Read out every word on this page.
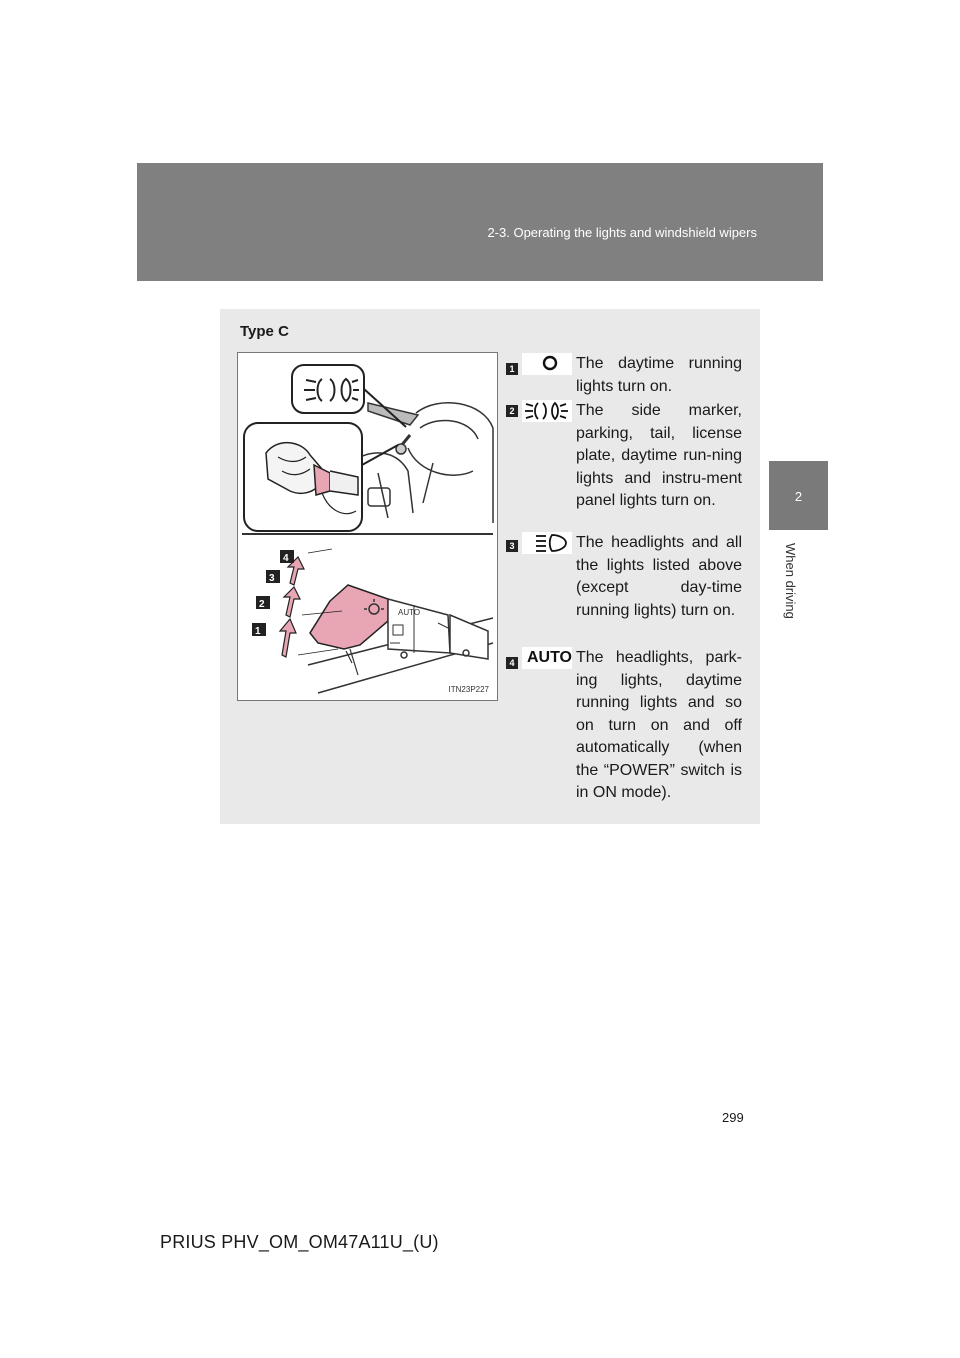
2-3. Operating the lights and windshield wipers
2
When driving
Type C
AUTO
1
2
3
4
ITN23P227
1	The daytime running lights turn on.
2	The side marker, parking, tail, license plate, daytime run-ning lights and instru-ment panel lights turn on.
3	The headlights and all the lights listed above (except day-time running lights) turn on.
4 AUTO The headlights, park-ing lights, daytime running lights and so on turn on and off automatically (when the “POWER” switch is in ON mode).
299
PRIUS PHV_OM_OM47A11U_(U)
